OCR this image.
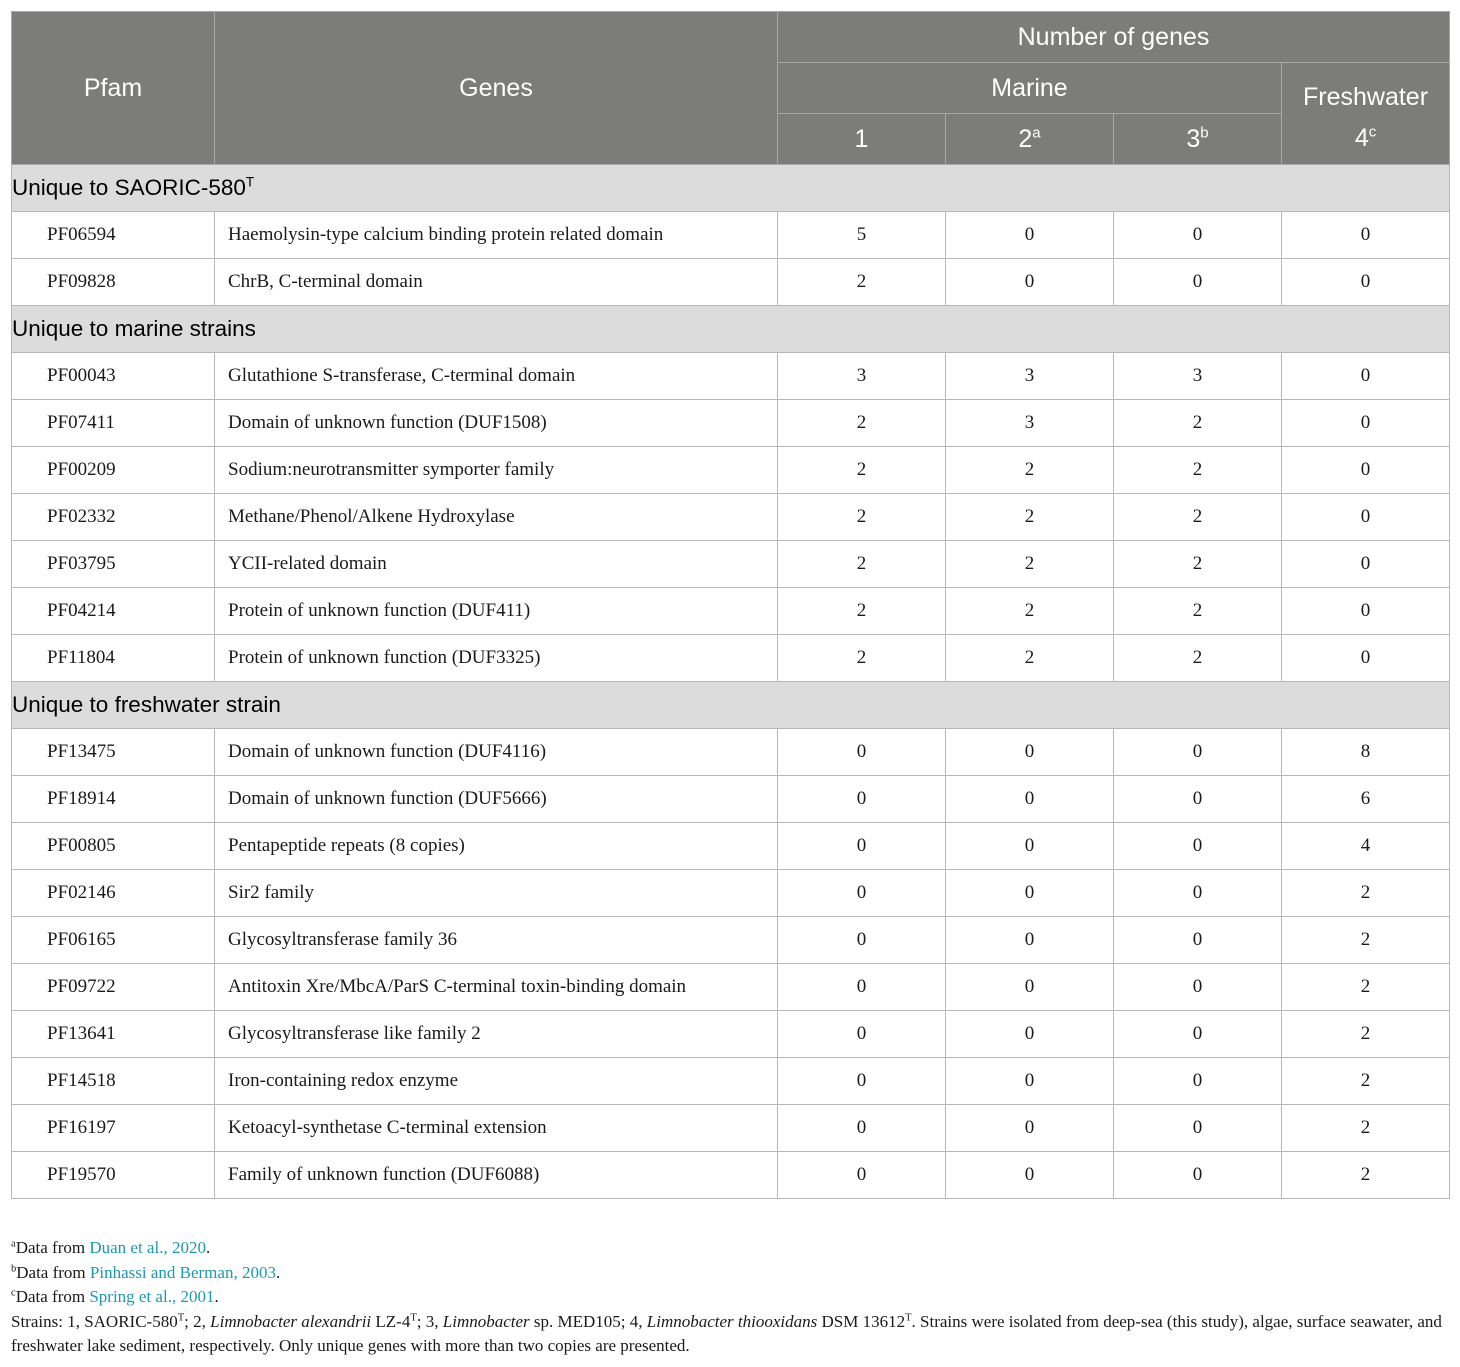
Pfam	Genes	Number of genes			
		Marine			Freshwater
		1	2$^a$	3$^b$	4$^c$
Unique to SAORIC-$580^T$
PF06594	Haemolysin-type calcium binding protein related domain	5	0	0	0
PF09828	ChrB, C-terminal domain	2	0	0	0
Unique to marine strains					
PF00043	Glutathione S-transferase, C-terminal domain	3	3	3	0
PF07411	Domain of unknown function (DUF1508)	2	3	2	0
PF00209	Sodium:neurotransmitter symporter family	2	2	2	0
PF02332	Methane/Phenol/Alkene Hydroxylase	2	2	2	0
PF03795	YCII-related domain	2	2	2	0
PF04214	Protein of unknown function (DUF411)	2	2	2	0
PF11804	Protein of unknown function (DUF3325)	2	2	2	0
Unique to freshwater strain					
PF13475	Domain of unknown function (DUF4116)	0	0	0	8
PF18914	Domain of unknown function (DUF5666)	0	0	0	6
PF00805	Pentapeptide repeats (8 copies)	0	0	0	4
PF02146	Sir2 family	0	0	0	2
PF06165	Glycosyltransferase family 36	0	0	0	2
PF09722	Antitoxin Xre/MbcA/ParS C-terminal toxin-binding domain	0	0	0	2
PF13641	Glycosyltransferase like family 2	0	0	0	2
PF14518	Iron-containing redox enzyme	0	0	0	2
PF16197	Ketoacyl-synthetase C-terminal extension	0	0	0	2
PF19570	Family of unknown function (DUF6088)	0	0	0	2
$^a$Data from Duan et al., 2020.
$^b$Data from Pinhassi and Berman, 2003.
$^c$Data from Spring et al., 2001.
Strains: 1, SAORIC-$580^T$; 2, Limnobacter alexandrii $LZ-4^T$; 3, Limnobacter sp. MED105; 4, Limnobacter thiooxidans DSM $13612^T$. Strains were isolated from deep-sea (this study), algae, surface seawater, and freshwater lake sediment, respectively. Only unique genes with more than two copies are presented.
